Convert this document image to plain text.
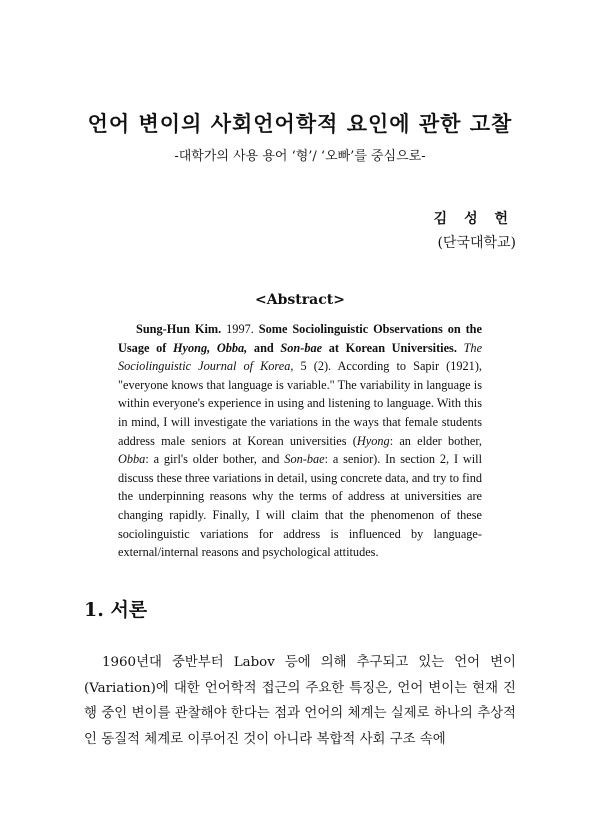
언어 변이의 사회언어학적 요인에 관한 고찰
-대학가의 사용 용어 ‘형’/ ‘오빠’를 중심으로-
김 성 헌
(단국대학교)
<Abstract>
Sung-Hun Kim. 1997. Some Sociolinguistic Observations on the Usage of Hyong, Obba, and Son-bae at Korean Universities. The Sociolinguistic Journal of Korea, 5 (2). According to Sapir (1921), "everyone knows that language is variable." The variability in language is within everyone's experience in using and listening to language. With this in mind, I will investigate the variations in the ways that female students address male seniors at Korean universities (Hyong: an elder bother, Obba: a girl's older bother, and Son-bae: a senior). In section 2, I will discuss these three variations in detail, using concrete data, and try to find the underpinning reasons why the terms of address at universities are changing rapidly. Finally, I will claim that the phenomenon of these sociolinguistic variations for address is influenced by language-external/internal reasons and psychological attitudes.
1. 서론
1960년대 중반부터 Labov 등에 의해 추구되고 있는 언어 변이(Variation)에 대한 언어학적 접근의 주요한 특징은, 언어 변이는 현재 진행 중인 변이를 관찰해야 한다는 점과 언어의 체계는 실제로 하나의 추상적인 동질적 체계로 이루어진 것이 아니라 복합적 사회 구조 속에
